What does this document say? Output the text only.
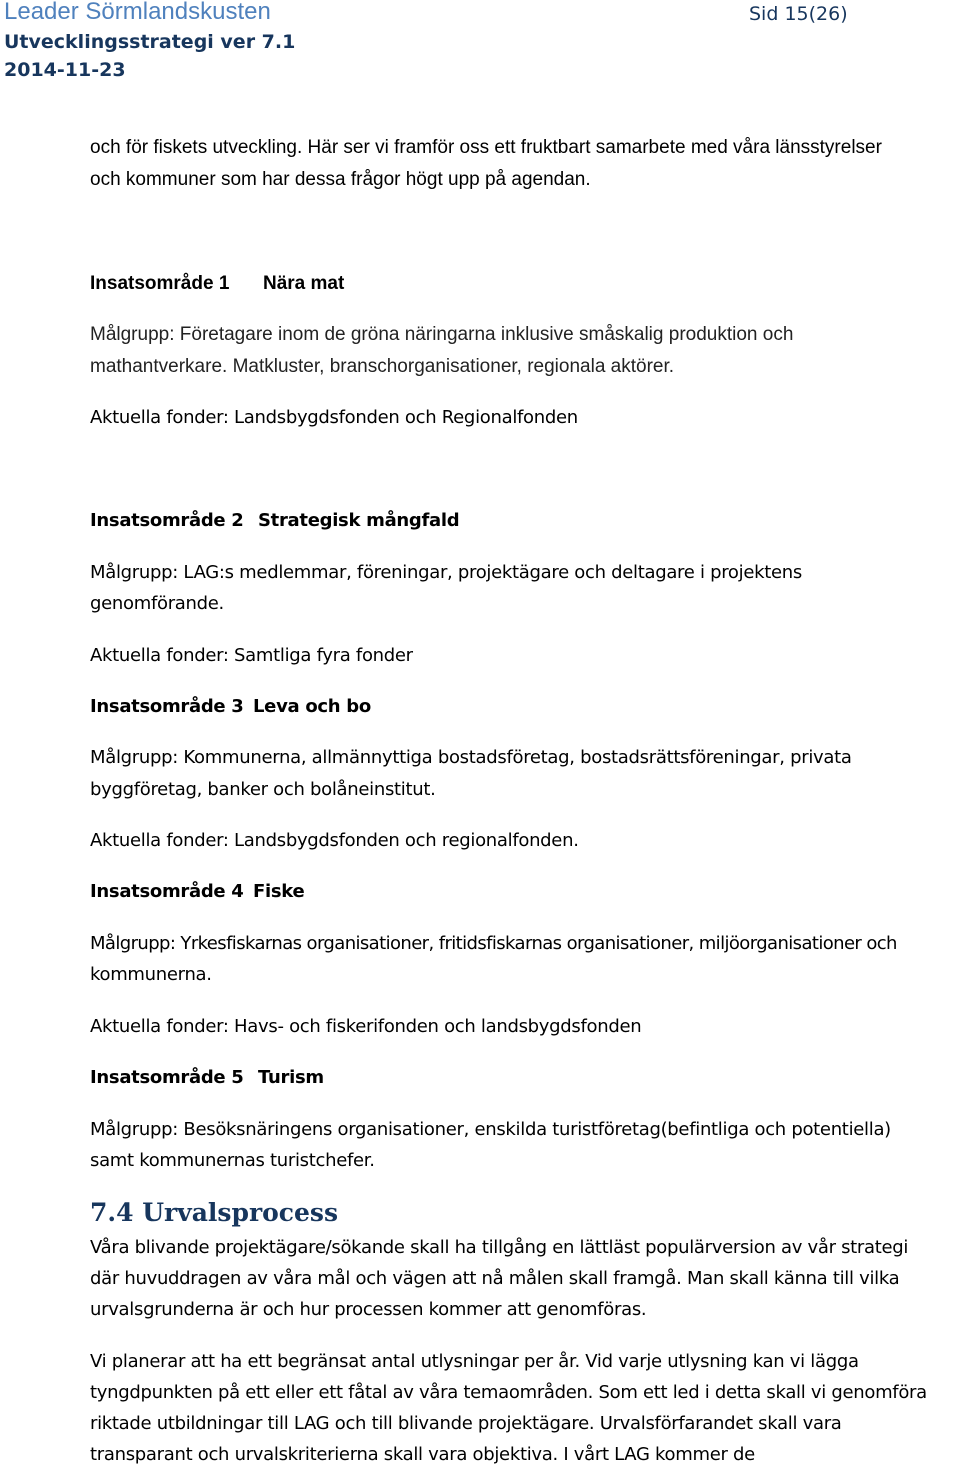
Leader Sörmlandskusten
Utvecklingsstrategi ver 7.1
2014-11-23
Sid 15(26)
och för fiskets utveckling. Här ser vi framför oss ett fruktbart samarbete med våra länsstyrelser
och kommuner som har dessa frågor högt upp på agendan.
Insatsområde 1 Nära mat
Målgrupp: Företagare inom de gröna näringarna inklusive småskalig produktion och
mathantverkare. Matkluster, branschorganisationer, regionala aktörer.
Aktuella fonder: Landsbygdsfonden och Regionalfonden
Insatsområde 2 Strategisk mångfald
Målgrupp: LAG:s medlemmar, föreningar, projektägare och deltagare i projektens
genomförande.
Aktuella fonder: Samtliga fyra fonder
Insatsområde 3 Leva och bo
Målgrupp: Kommunerna, allmännyttiga bostadsföretag, bostadsrättsföreningar, privata
byggföretag, banker och bolåneinstitut.
Aktuella fonder: Landsbygdsfonden och regionalfonden.
Insatsområde 4 Fiske
Målgrupp: Yrkesfiskarnas organisationer, fritidsfiskarnas organisationer, miljöorganisationer och
kommunerna.
Aktuella fonder: Havs- och fiskerifonden och landsbygdsfonden
Insatsområde 5 Turism
Målgrupp: Besöksnäringens organisationer, enskilda turistföretag(befintliga och potentiella)
samt kommunernas turistchefer.
7.4 Urvalsprocess
Våra blivande projektägare/sökande skall ha tillgång en lättläst populärversion av vår strategi
där huvuddragen av våra mål och vägen att nå målen skall framgå. Man skall känna till vilka
urvalsgrunderna är och hur processen kommer att genomföras.
Vi planerar att ha ett begränsat antal utlysningar per år. Vid varje utlysning kan vi lägga
tyngdpunkten på ett eller ett fåtal av våra temaområden. Som ett led i detta skall vi genomföra
riktade utbildningar till LAG och till blivande projektägare. Urvalsförfarandet skall vara
transparant och urvalskriterierna skall vara objektiva. I vårt LAG kommer de
